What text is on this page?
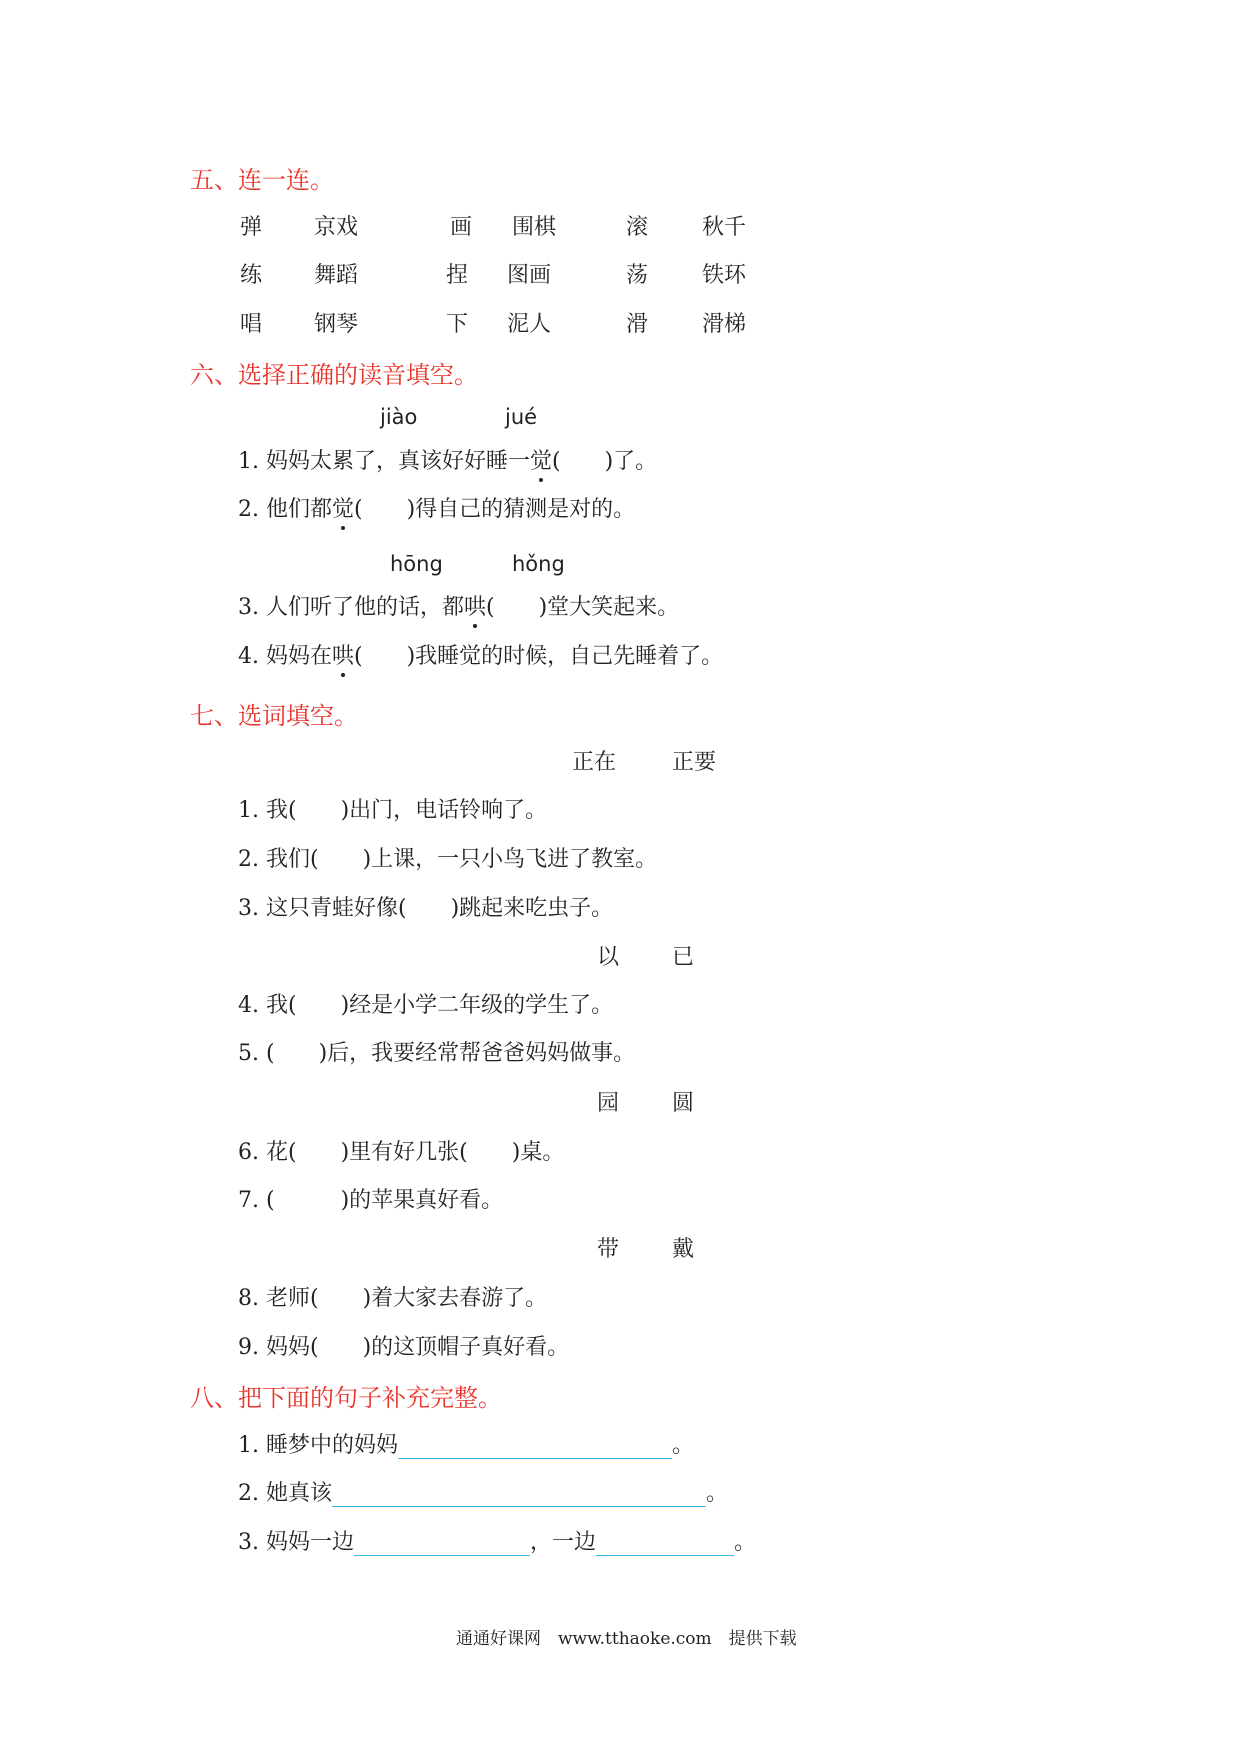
五、连一连。
弹 京戏	画 围棋	滚 秋千
练 舞蹈	捏 图画	荡 铁环
唱 钢琴	下 泥人	滑 滑梯
六、选择正确的读音填空。
jiào	jué
1. 妈妈太累了，真该好好睡一觉(　　)了。
2. 他们都觉(　　)得自己的猜测是对的。
hōng	hǒng
3. 人们听了他的话，都哄(　　)堂大笑起来。
4. 妈妈在哄(　　)我睡觉的时候，自己先睡着了。
七、选词填空。
正在	正要
1. 我(　　)出门，电话铃响了。
2. 我们(　　)上课，一只小鸟飞进了教室。
3. 这只青蛙好像(　　)跳起来吃虫子。
以 已
4. 我(　　)经是小学二年级的学生了。
5. (　　)后，我要经常帮爸爸妈妈做事。
园 圆
6. 花(　　)里有好几张(　　)桌。
7. (　　　)的苹果真好看。
带 戴
8. 老师(　　)着大家去春游了。
9. 妈妈(　　)的这顶帽子真好看。
八、把下面的句子补充完整。
1. 睡梦中的妈妈	。
2. 她真该	。
3. 妈妈一边	，一边	。
通通好课网　www.tthaoke.com　提供下载
